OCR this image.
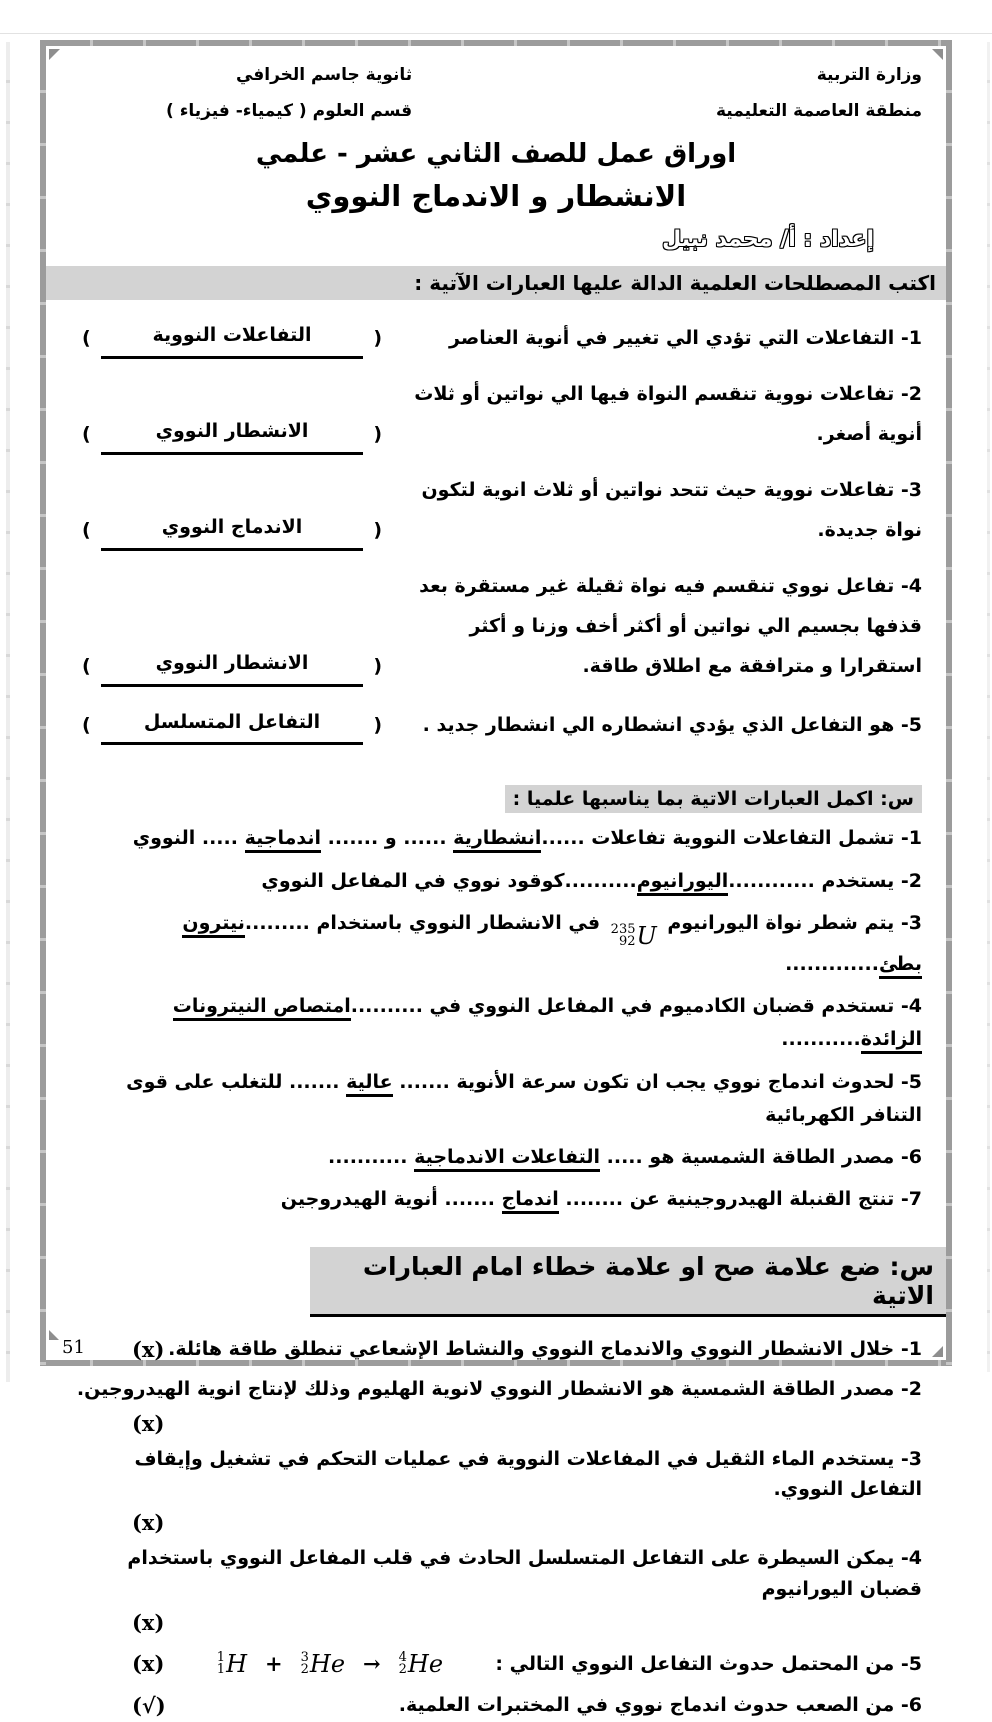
وزارة التربية
منطقة العاصمة التعليمية
ثانوية جاسم الخرافي
قسم العلوم ( كيمياء- فيزياء )
اوراق عمل للصف الثاني عشر - علمي
الانشطار و الاندماج النووي
إعداد : أ/ محمد نبيل
اكتب المصطلحات العلمية الدالة عليها العبارات الآتية :
1- التفاعلات التي تؤدي الي تغيير في أنوية العناصر
(	التفاعلات النووية	)
2- تفاعلات نووية تنقسم النواة فيها الي نواتين أو ثلاث أنوية أصغر.
(	الانشطار النووي	)
3- تفاعلات نووية حيث تتحد نواتين أو ثلاث انوية لتكون نواة جديدة.
(	الاندماج النووي	)
4- تفاعل نووي تنقسم فيه نواة ثقيلة غير مستقرة بعد قذفها بجسيم الي نواتين أو أكثر أخف وزنا و أكثر استقرارا و مترافقة مع اطلاق طاقة.
(	الانشطار النووي	)
5- هو التفاعل الذي يؤدي انشطاره الي انشطار جديد .
(	التفاعل المتسلسل	)
س: اكمل العبارات الاتية بما يناسبها علميا :

1- تشمل التفاعلات النووية تفاعلات ......انشطارية ...... و ....... اندماجية ..... النووي

2- يستخدم ............اليورانيوم..........كوقود نووي في المفاعل النووي

3- يتم شطر نواة اليورانيوم
235
92 U
في الانشطار النووي باستخدام .........نيترون بطئ.............

4- تستخدم قضبان الكادميوم في المفاعل النووي في ..........امتصاص النيترونات الزائدة...........

5- لحدوث اندماج نووي يجب ان تكون سرعة الأنوية ....... عالية ....... للتغلب على قوى التنافر الكهربائية

6- مصدر الطاقة الشمسية هو ..... التفاعلات الاندماجية ...........

7- تنتج القنبلة الهيدروجينية عن ........ اندماج ....... أنوية الهيدروجين

س: ضع علامة صح او علامة خطاء امام العبارات الاتية
1- خلال الانشطار النووي والاندماج النووي والنشاط الإشعاعي تنطلق طاقة هائلة.
(x)
2- مصدر الطاقة الشمسية هو الانشطار النووي لانوية الهليوم وذلك لإنتاج انوية الهيدروجين.
(x)
3- يستخدم الماء الثقيل في المفاعلات النووية في عمليات التحكم في تشغيل وإيقاف التفاعل النووي.
(x)
4- يمكن السيطرة على التفاعل المتسلسل الحادث في قلب المفاعل النووي باستخدام قضبان اليورانيوم
(x)
5- من المحتمل حدوث التفاعل النووي التالي :
1
1 H + 3
2 He → 4
2 He
(x)
6- من الصعب حدوث اندماج نووي في المختبرات العلمية.
(√)
51
